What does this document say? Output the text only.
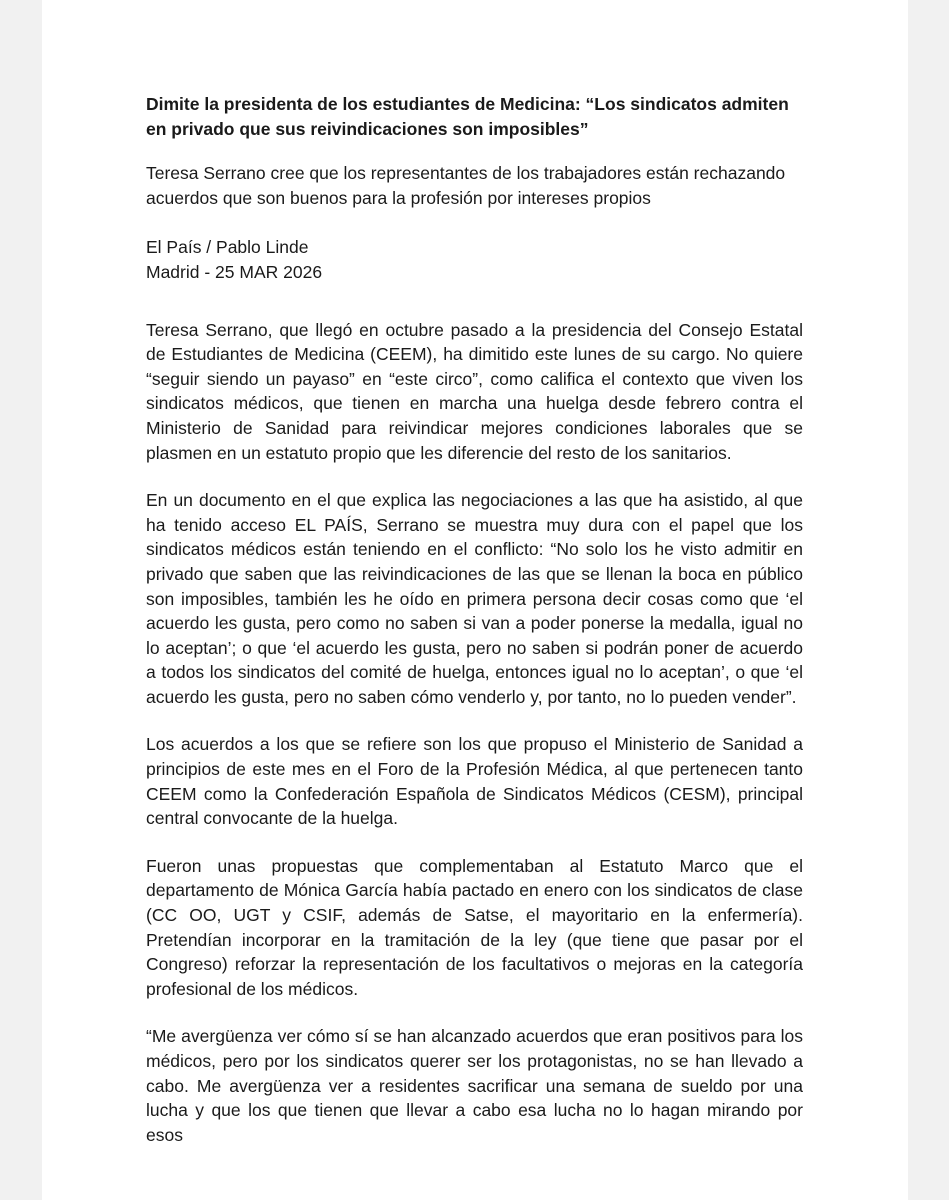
Dimite la presidenta de los estudiantes de Medicina: “Los sindicatos admiten en privado que sus reivindicaciones son imposibles”

Teresa Serrano cree que los representantes de los trabajadores están rechazando acuerdos que son buenos para la profesión por intereses propios

El País / Pablo Linde
Madrid - 25 MAR 2026

Teresa Serrano, que llegó en octubre pasado a la presidencia del Consejo Estatal de Estudiantes de Medicina (CEEM), ha dimitido este lunes de su cargo. No quiere “seguir siendo un payaso” en “este circo”, como califica el contexto que viven los sindicatos médicos, que tienen en marcha una huelga desde febrero contra el Ministerio de Sanidad para reivindicar mejores condiciones laborales que se plasmen en un estatuto propio que les diferencie del resto de los sanitarios.

En un documento en el que explica las negociaciones a las que ha asistido, al que ha tenido acceso EL PAÍS, Serrano se muestra muy dura con el papel que los sindicatos médicos están teniendo en el conflicto: “No solo los he visto admitir en privado que saben que las reivindicaciones de las que se llenan la boca en público son imposibles, también les he oído en primera persona decir cosas como que ‘el acuerdo les gusta, pero como no saben si van a poder ponerse la medalla, igual no lo aceptan’; o que ‘el acuerdo les gusta, pero no saben si podrán poner de acuerdo a todos los sindicatos del comité de huelga, entonces igual no lo aceptan’, o que ‘el acuerdo les gusta, pero no saben cómo venderlo y, por tanto, no lo pueden vender”.

Los acuerdos a los que se refiere son los que propuso el Ministerio de Sanidad a principios de este mes en el Foro de la Profesión Médica, al que pertenecen tanto CEEM como la Confederación Española de Sindicatos Médicos (CESM), principal central convocante de la huelga.

Fueron unas propuestas que complementaban al Estatuto Marco que el departamento de Mónica García había pactado en enero con los sindicatos de clase (CC OO, UGT y CSIF, además de Satse, el mayoritario en la enfermería). Pretendían incorporar en la tramitación de la ley (que tiene que pasar por el Congreso) reforzar la representación de los facultativos o mejoras en la categoría profesional de los médicos.

“Me avergüenza ver cómo sí se han alcanzado acuerdos que eran positivos para los médicos, pero por los sindicatos querer ser los protagonistas, no se han llevado a cabo. Me avergüenza ver a residentes sacrificar una semana de sueldo por una lucha y que los que tienen que llevar a cabo esa lucha no lo hagan mirando por esos
